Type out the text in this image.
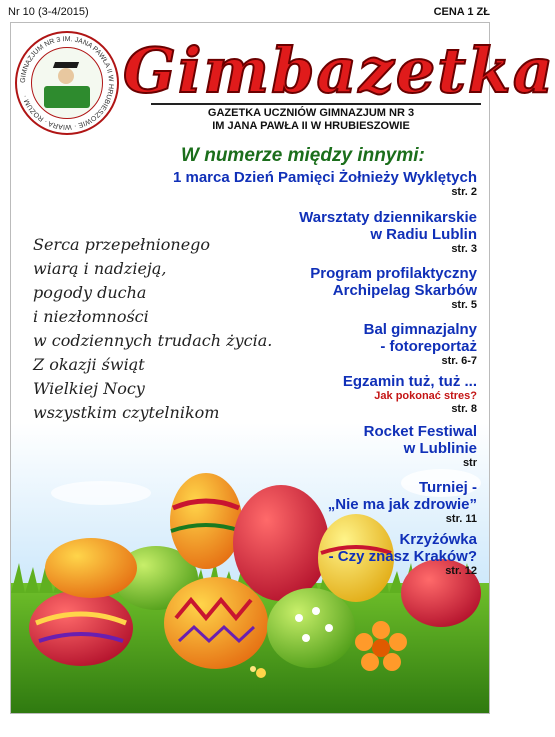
Nr 10 (3-4/2015)	CENA 1 ZŁ
GIMNAZJUM NR 3 IM. JANA PAWŁA II W HRUBIESZOWIE · WIARA · ROZUM ·	Gimbazetka
GAZETKA UCZNIÓW GIMNAZJUM NR 3
IM JANA PAWŁA II W HRUBIESZOWIE
W numerze między innymi:
1 marca Dzień Pamięci Żołnieży Wyklętych
str. 2
Warsztaty dziennikarskie
w Radiu Lublin
str. 3
Program profilaktyczny
Archipelag Skarbów
str. 5
Bal gimnazjalny
- fotoreportaż
str. 6-7
Egzamin tuż, tuż ...
Jak pokonać stres?
str. 8
Serca przepełnionego
wiarą i nadzieją,
pogody ducha
i niezłomności
w codziennych trudach życia.
Z okazji świąt
Wielkiej Nocy
wszystkim czytelnikom
Rocket Festiwal
w Lublinie
str
Turniej -
„Nie ma jak zdrowie”
str. 11
Krzyżówka
- Czy znasz Kraków?
str. 12
